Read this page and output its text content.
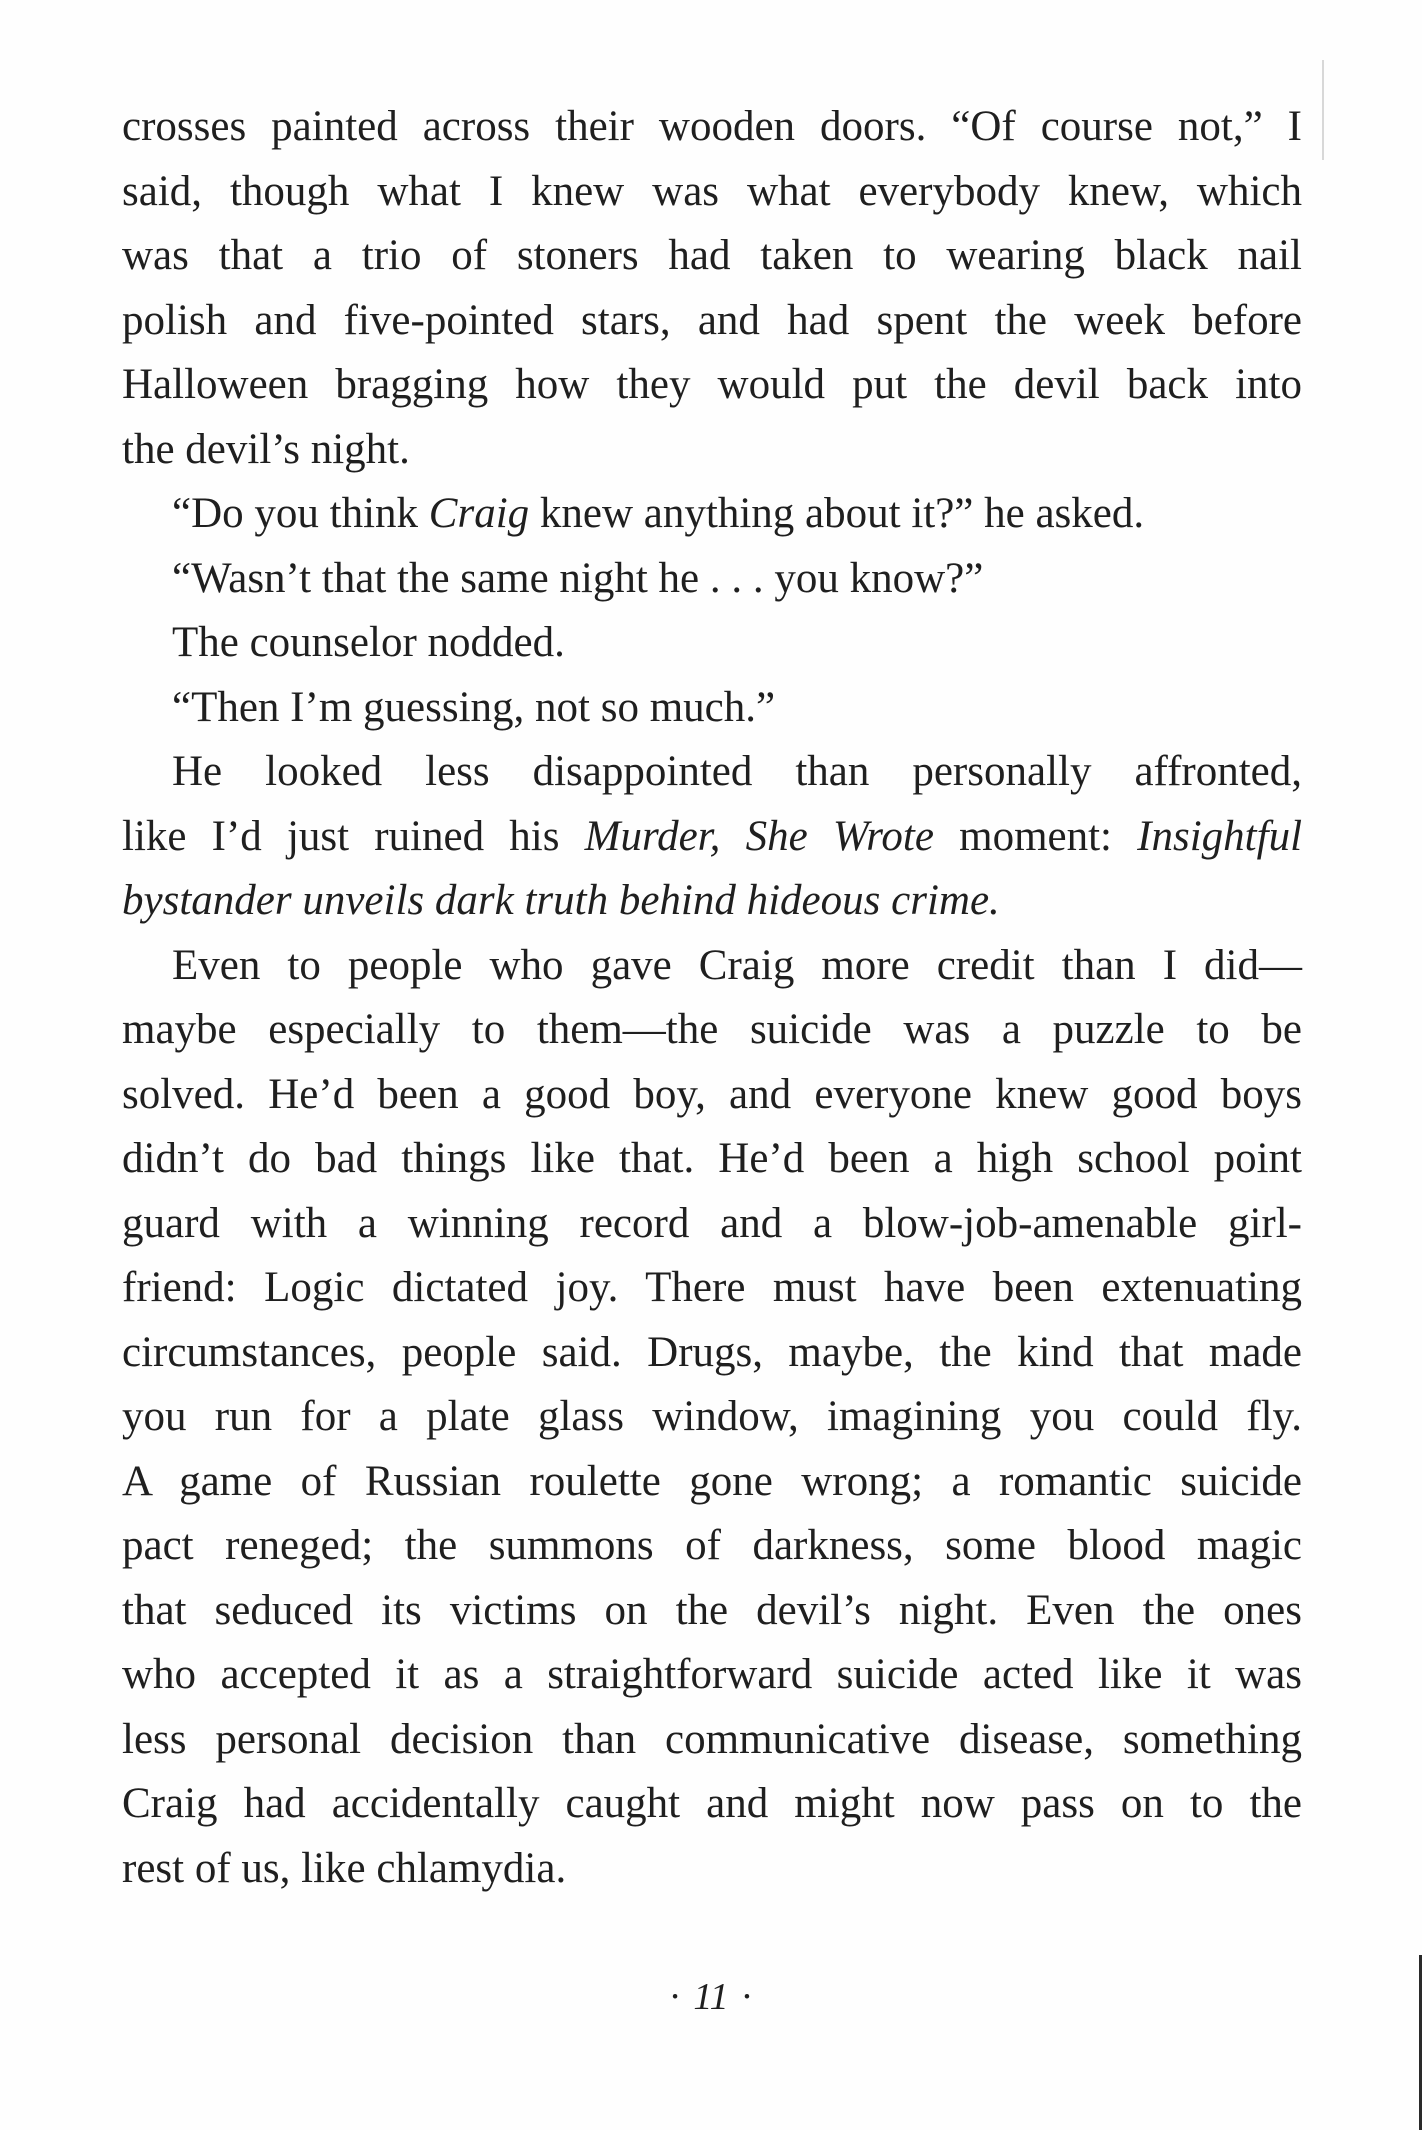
crosses painted across their wooden doors. “Of course not,” I
said, though what I knew was what everybody knew, which
was that a trio of stoners had taken to wearing black nail
polish and five-pointed stars, and had spent the week before
Halloween bragging how they would put the devil back into
the devil’s night.
“Do you think Craig knew anything about it?” he asked.
“Wasn’t that the same night he . . . you know?”
The counselor nodded.
“Then I’m guessing, not so much.”
He looked less disappointed than personally affronted,
like I’d just ruined his Murder, She Wrote moment: Insightful
bystander unveils dark truth behind hideous crime.
Even to people who gave Craig more credit than I did—
maybe especially to them—the suicide was a puzzle to be
solved. He’d been a good boy, and everyone knew good boys
didn’t do bad things like that. He’d been a high school point
guard with a winning record and a blow-job-amenable girl-
friend: Logic dictated joy. There must have been extenuating
circumstances, people said. Drugs, maybe, the kind that made
you run for a plate glass window, imagining you could fly.
A game of Russian roulette gone wrong; a romantic suicide
pact reneged; the summons of darkness, some blood magic
that seduced its victims on the devil’s night. Even the ones
who accepted it as a straightforward suicide acted like it was
less personal decision than communicative disease, something
Craig had accidentally caught and might now pass on to the
rest of us, like chlamydia.
· 11 ·
